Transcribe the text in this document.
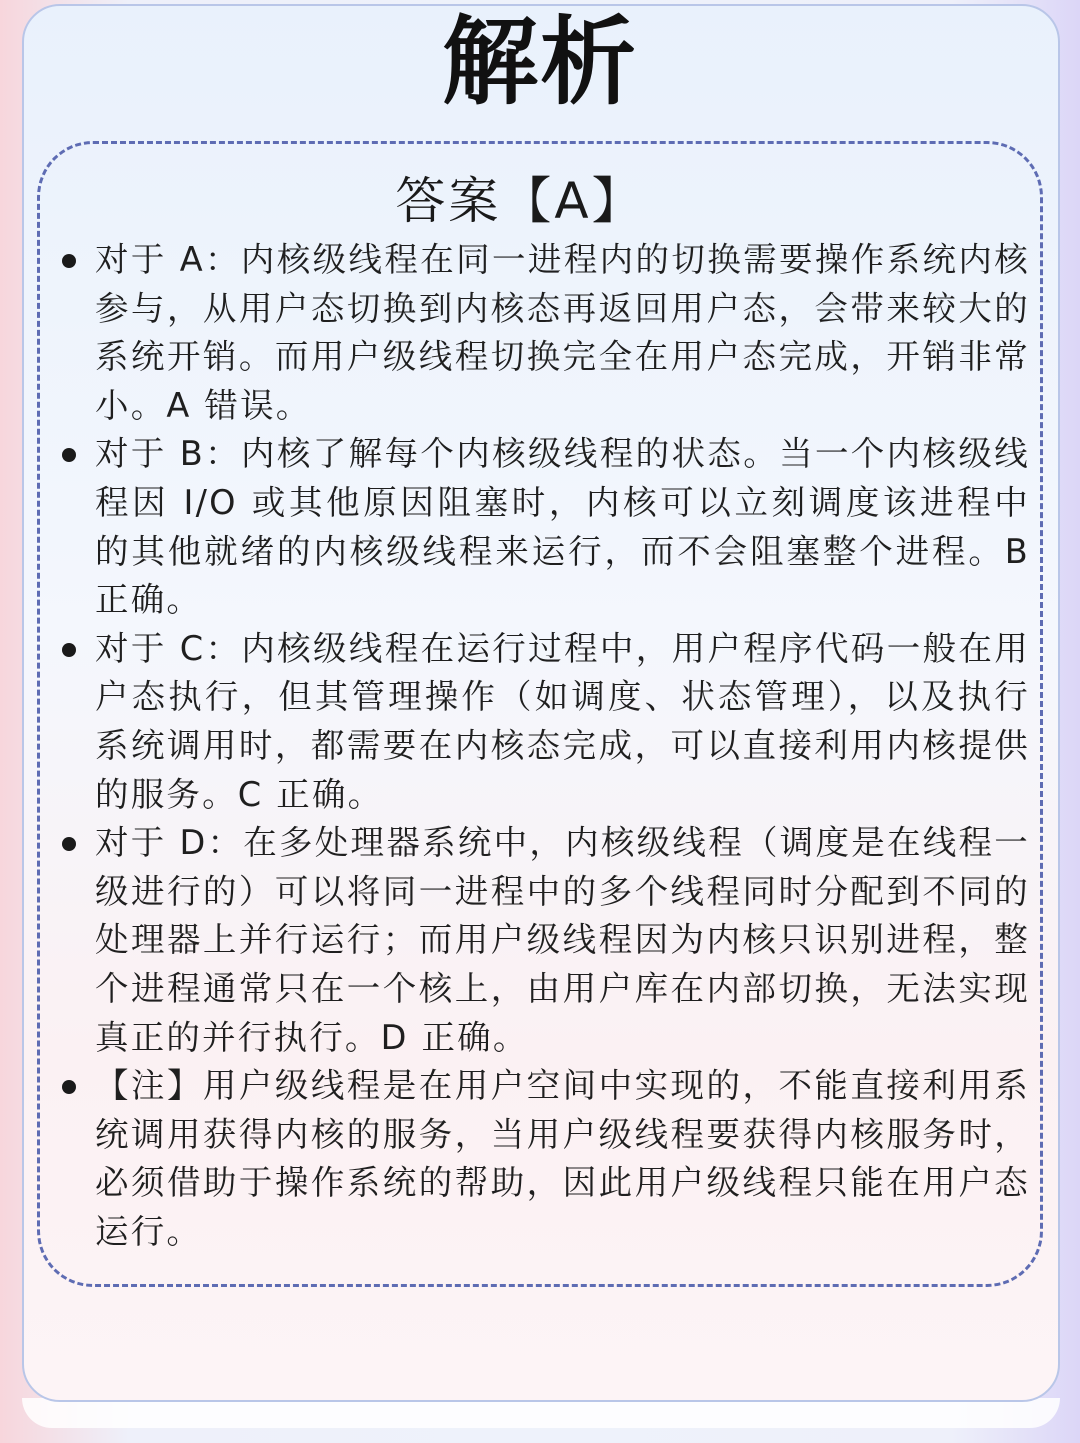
解析
答案【A】
对于 A：内核级线程在同一进程内的切换需要操作系统内核参与，从用户态切换到内核态再返回用户态，会带来较大的系统开销。而用户级线程切换完全在用户态完成，开销非常小。A 错误。
对于 B：内核了解每个内核级线程的状态。当一个内核级线程因 I/O 或其他原因阻塞时，内核可以立刻调度该进程中的其他就绪的内核级线程来运行，而不会阻塞整个进程。B 正确。
对于 C：内核级线程在运行过程中，用户程序代码一般在用户态执行，但其管理操作（如调度、状态管理），以及执行系统调用时，都需要在内核态完成，可以直接利用内核提供的服务。C 正确。
对于 D：在多处理器系统中，内核级线程（调度是在线程一级进行的）可以将同一进程中的多个线程同时分配到不同的处理器上并行运行；而用户级线程因为内核只识别进程，整个进程通常只在一个核上，由用户库在内部切换，无法实现真正的并行执行。D 正确。
【注】用户级线程是在用户空间中实现的，不能直接利用系统调用获得内核的服务，当用户级线程要获得内核服务时，必须借助于操作系统的帮助，因此用户级线程只能在用户态运行。
